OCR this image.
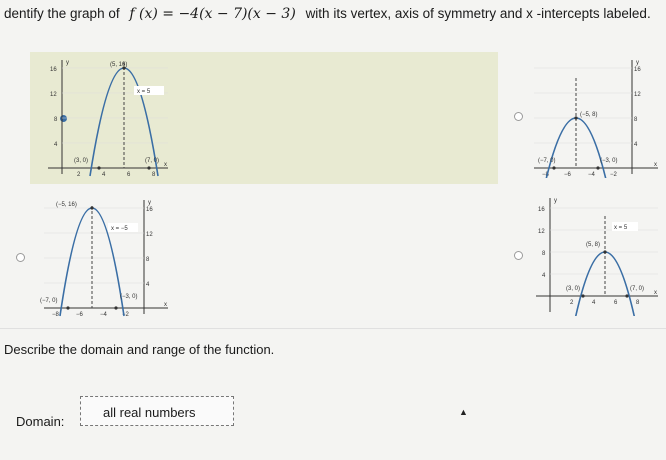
dentify the graph of f (x) = −4(x − 7)(x − 3) with its vertex, axis of symmetry and x -intercepts labeled.
16
12
8
4
2	4	6	8
y
x
(5, 16)
x = 5
(3, 0)	(7, 0)
16
12
8
4
−8	−6	−4	−2
y
x
(−5, 8)
(−7, 0)	(−3, 0)
16
12
8
4
−8	−6	−4	−2
y
x
(−5, 16)
x = −5
(−7, 0)
(−3, 0)
16
12
8
4
2	4	6	8
y
x
(5, 8)
x = 5
(3, 0)	(7, 0)
Describe the domain and range of the function.
Domain:
all real numbers	▲
